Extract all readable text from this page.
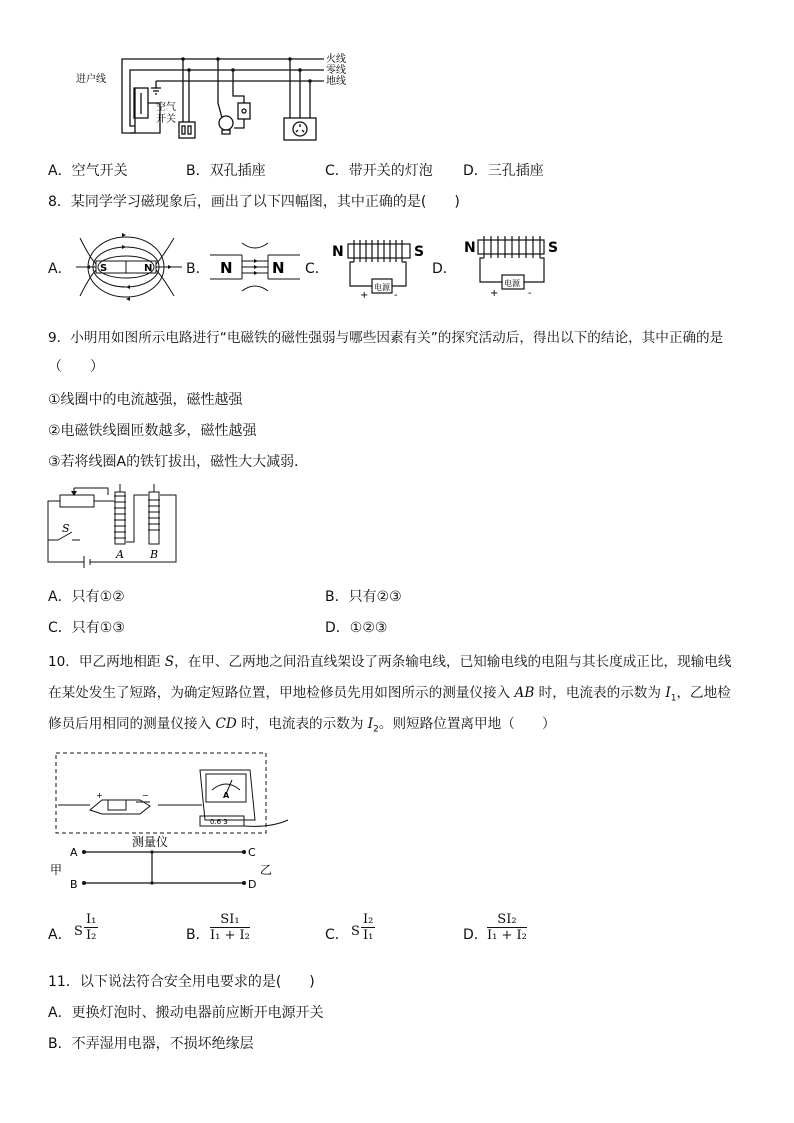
火线
零线
地线
进户线
空气
开关
A．空气开关	B．双孔插座	C．带开关的灯泡 D．三孔插座
8．某同学学习磁现象后，画出了以下四幅图，其中正确的是(　　)
A．	S	N B． N	N C．
N	S
电源
+	-
D．
N	S
电源
+	-
9．小明用如图所示电路进行“电磁铁的磁性强弱与哪些因素有关”的探究活动后，得出以下的结论，其中正确的是
（　　）
①线圈中的电流越强，磁性越强
②电磁铁线圈匝数越多，磁性越强
③若将线圈A的铁钉拔出，磁性大大减弱．
S
A B
A．只有①②	B．只有②③
C．只有①③	D．①②③
10．甲乙两地相距 S，在甲、乙两地之间沿直线架设了两条输电线，已知输电线的电阻与其长度成正比，现输电线
在某处发生了短路，为确定短路位置，甲地检修员先用如图所示的测量仪接入 AB 时，电流表的示数为 $I_1$，乙地检
修员后用相同的测量仪接入 CD 时，电流表的示数为 $I_2$。则短路位置离甲地（　　）
+	−	A
0.6 3
测量仪
A
B
C
D
甲	乙
A． S $\frac{\text{I₁}}{\text{I₂}}$	B． $\frac{\text{SI₁}}{\text{I₁ + I₂}}$	C． S $\frac{\text{I₂}}{\text{I₁}}$	D． $\frac{\text{SI₂}}{\text{I₁ + I₂}}$
11．以下说法符合安全用电要求的是(　　)
A．更换灯泡时、搬动电器前应断开电源开关
B．不弄湿用电器，不损坏绝缘层
